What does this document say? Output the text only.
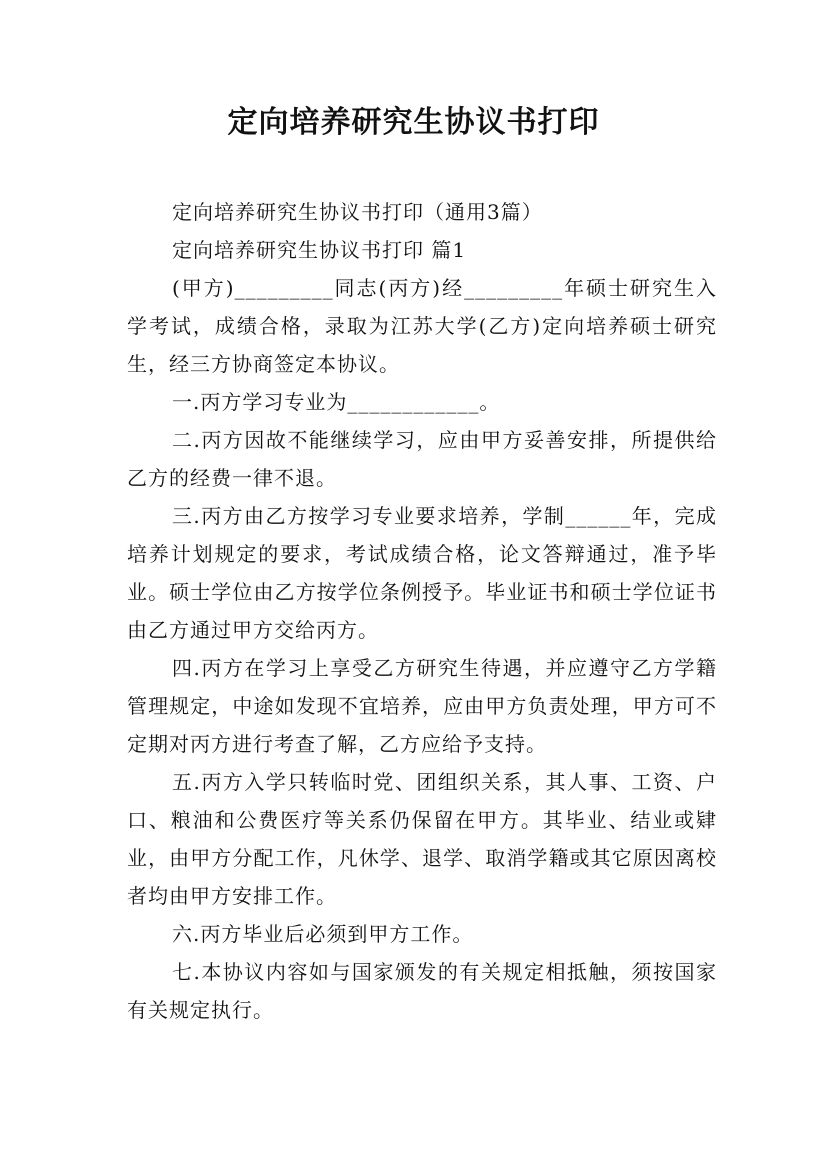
定向培养研究生协议书打印

定向培养研究生协议书打印（通用3篇）

定向培养研究生协议书打印 篇1

(甲方)_________同志(丙方)经_________年硕士研究生入学考试，成绩合格，录取为江苏大学(乙方)定向培养硕士研究生，经三方协商签定本协议。

一.丙方学习专业为____________。

二.丙方因故不能继续学习，应由甲方妥善安排，所提供给乙方的经费一律不退。

三.丙方由乙方按学习专业要求培养，学制______年，完成培养计划规定的要求，考试成绩合格，论文答辩通过，准予毕业。硕士学位由乙方按学位条例授予。毕业证书和硕士学位证书由乙方通过甲方交给丙方。

四.丙方在学习上享受乙方研究生待遇，并应遵守乙方学籍管理规定，中途如发现不宜培养，应由甲方负责处理，甲方可不定期对丙方进行考查了解，乙方应给予支持。

五.丙方入学只转临时党、团组织关系，其人事、工资、户口、粮油和公费医疗等关系仍保留在甲方。其毕业、结业或肄业，由甲方分配工作，凡休学、退学、取消学籍或其它原因离校者均由甲方安排工作。

六.丙方毕业后必须到甲方工作。

七.本协议内容如与国家颁发的有关规定相抵触，须按国家有关规定执行。
